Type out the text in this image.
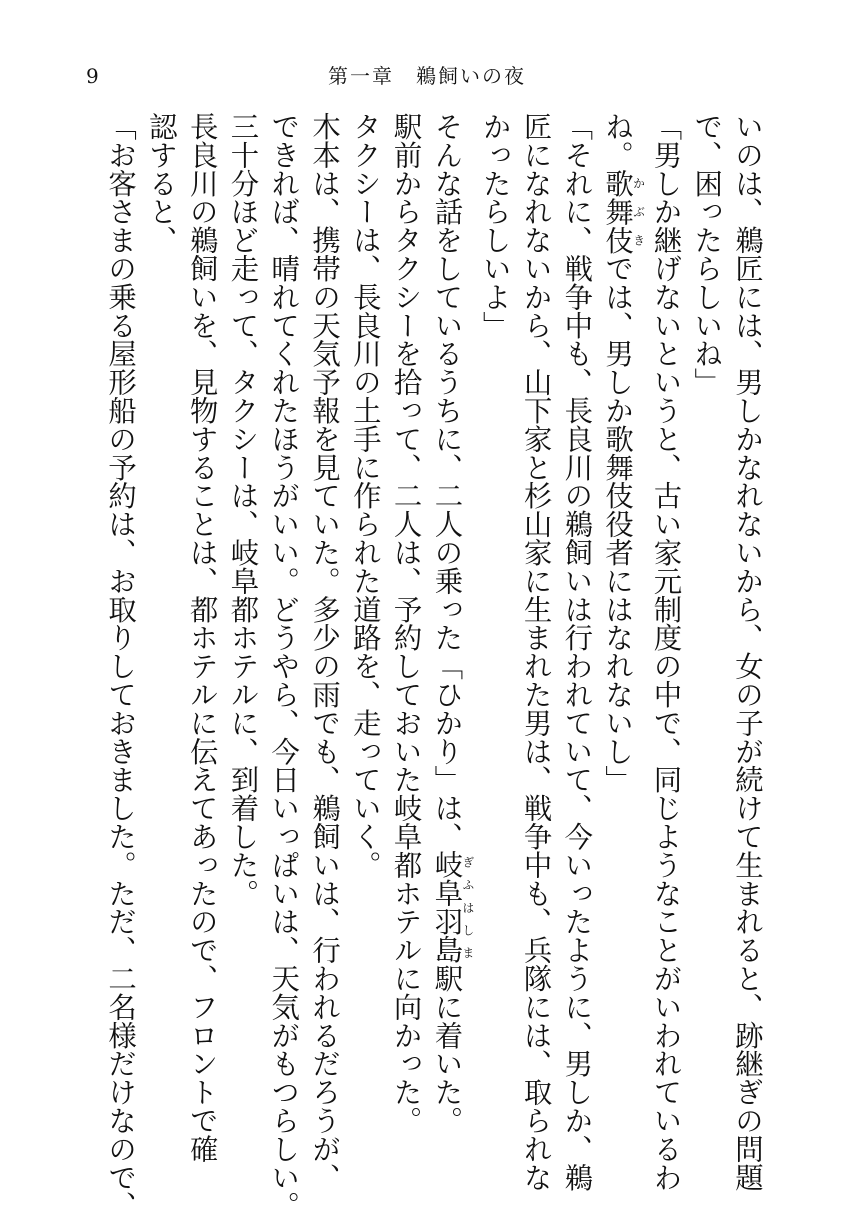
9	第一章　鵜飼いの夜
いのは、鵜匠には、男しかなれないから、女の子が続けて生まれると、跡継ぎの問題
で、困ったらしいね」
「男しか継げないというと、古い家元制度の中で、同じようなことがいわれているわ
ね。歌舞伎かぶきでは、男しか歌舞伎役者にはなれないし」
「それに、戦争中も、長良川の鵜飼いは行われていて、今いったように、男しか、鵜
匠になれないから、山下家と杉山家に生まれた男は、戦争中も、兵隊には、取られな
かったらしいよ」
そんな話をしているうちに、二人の乗った「ひかり」は、岐阜羽島ぎふはしま駅に着いた。
駅前からタクシーを拾って、二人は、予約しておいた岐阜都ホテルに向かった。
タクシーは、長良川の土手に作られた道路を、走っていく。
木本は、携帯の天気予報を見ていた。多少の雨でも、鵜飼いは、行われるだろうが、
できれば、晴れてくれたほうがいい。どうやら、今日いっぱいは、天気がもつらしい。
三十分ほど走って、タクシーは、岐阜都ホテルに、到着した。
長良川の鵜飼いを、見物することは、都ホテルに伝えてあったので、フロントで確
認すると、
「お客さまの乗る屋形船の予約は、お取りしておきました。ただ、二名様だけなので、
